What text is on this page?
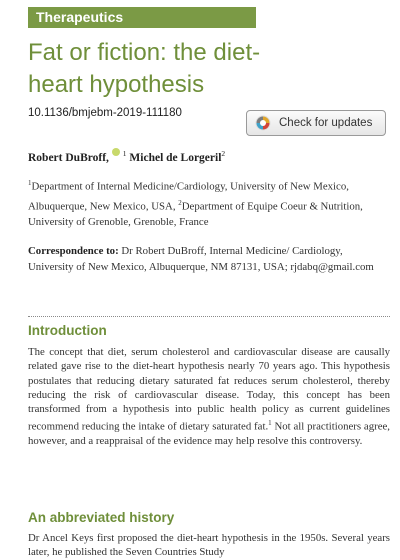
Therapeutics
Fat or fiction: the diet-
heart hypothesis
10.1136/bmjebm-2019-111180
Check for updates
Robert DuBroff, $^1$ Michel de Lorgeril$^2$
$^1$Department of Internal Medicine/Cardiology, University of New Mexico, Albuquerque, New Mexico, USA, $^2$Department of Equipe Coeur & Nutrition, University of Grenoble, Grenoble, France
Correspondence to: Dr Robert DuBroff, Internal Medicine/ Cardiology, University of New Mexico, Albuquerque, NM 87131, USA; rjdabq@gmail.com
Introduction

The concept that diet, serum cholesterol and cardiovascular disease are causally related gave rise to the diet-heart hypothesis nearly 70 years ago. This hypothesis postulates that reducing dietary saturated fat reduces serum cholesterol, thereby reducing the risk of cardiovascular disease. Today, this concept has been transformed from a hypothesis into public health policy as current guidelines recommend reducing the intake of dietary saturated fat.$^1$ Not all practitioners agree, however, and a reappraisal of the evidence may help resolve this controversy.

An abbreviated history

Dr Ancel Keys first proposed the diet-heart hypothesis in the 1950s. Several years later, he published the Seven Countries Study
